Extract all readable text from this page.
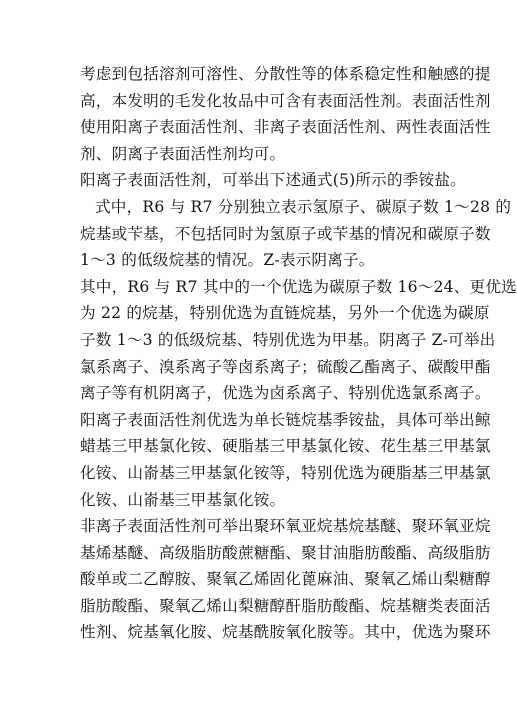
考虑到包括溶剂可溶性、分散性等的体系稳定性和触感的提
高，本发明的毛发化妆品中可含有表面活性剂。表面活性剂
使用阳离子表面活性剂、非离子表面活性剂、两性表面活性
剂、阴离子表面活性剂均可。
阳离子表面活性剂，可举出下述通式(5)所示的季铵盐。
式中，R6 与 R7 分别独立表示氢原子、碳原子数 1～28 的
烷基或苄基，不包括同时为氢原子或苄基的情况和碳原子数
1～3 的低级烷基的情况。Z-表示阴离子。
其中，R6 与 R7 其中的一个优选为碳原子数 16～24、更优选
为 22 的烷基，特别优选为直链烷基，另外一个优选为碳原
子数 1～3 的低级烷基、特别优选为甲基。阴离子 Z-可举出
氯系离子、溴系离子等卤系离子；硫酸乙酯离子、碳酸甲酯
离子等有机阴离子，优选为卤系离子、特别优选氯系离子。
阳离子表面活性剂优选为单长链烷基季铵盐，具体可举出鲸
蜡基三甲基氯化铵、硬脂基三甲基氯化铵、花生基三甲基氯
化铵、山嵛基三甲基氯化铵等，特别优选为硬脂基三甲基氯
化铵、山嵛基三甲基氯化铵。
非离子表面活性剂可举出聚环氧亚烷基烷基醚、聚环氧亚烷
基烯基醚、高级脂肪酸蔗糖酯、聚甘油脂肪酸酯、高级脂肪
酸单或二乙醇胺、聚氧乙烯固化蓖麻油、聚氧乙烯山梨糖醇
脂肪酸酯、聚氧乙烯山梨糖醇酐脂肪酸酯、烷基糖类表面活
性剂、烷基氧化胺、烷基酰胺氧化胺等。其中，优选为聚环
